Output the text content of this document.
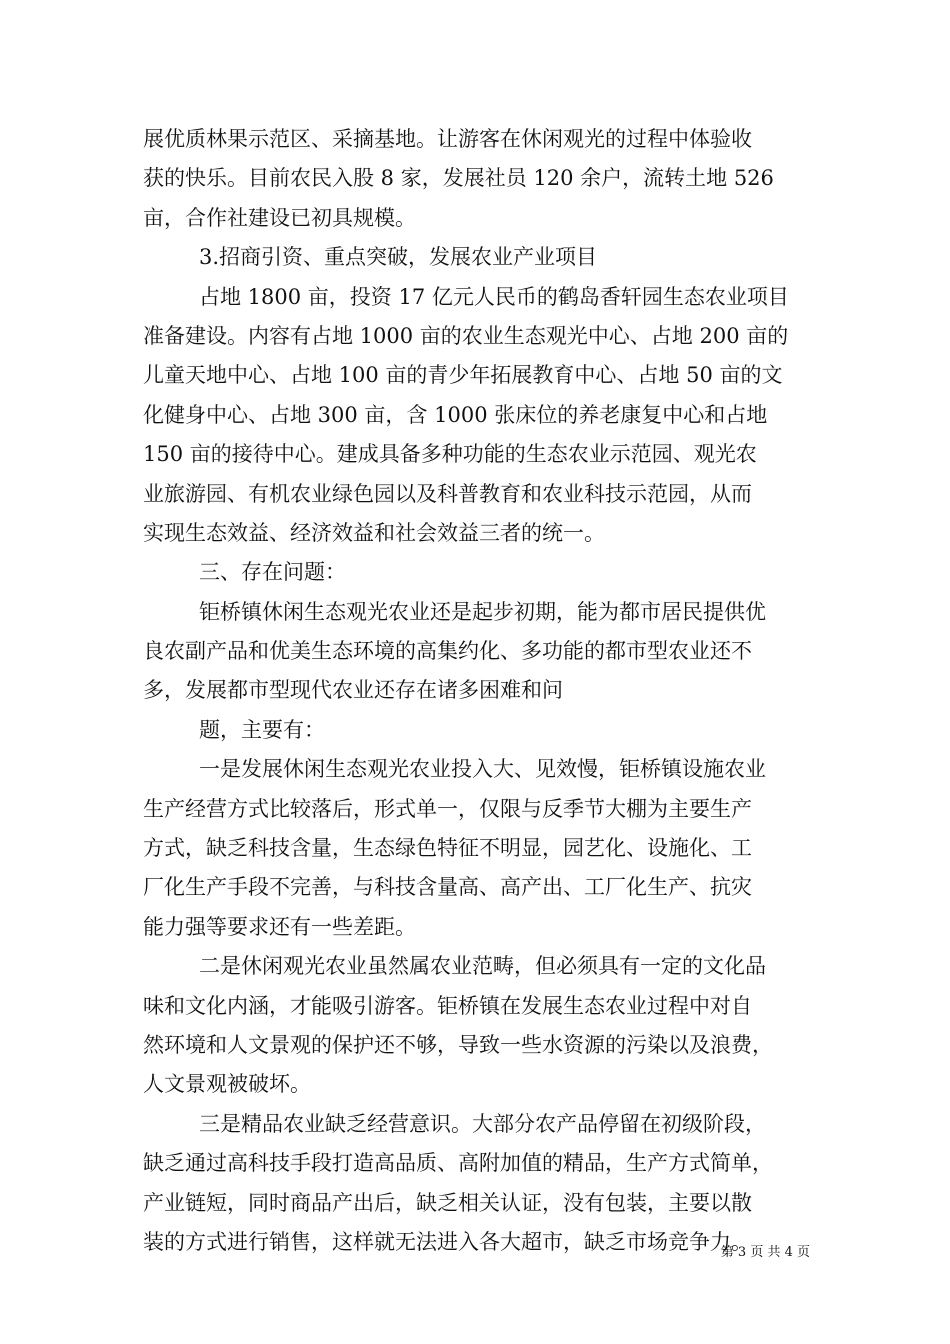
展优质林果示范区、采摘基地。让游客在休闲观光的过程中体验收
获的快乐。目前农民入股 8 家，发展社员 120 余户，流转土地 526
亩，合作社建设已初具规模。
3.招商引资、重点突破，发展农业产业项目
占地 1800 亩，投资 17 亿元人民币的鹤岛香轩园生态农业项目
准备建设。内容有占地 1000 亩的农业生态观光中心、占地 200 亩的
儿童天地中心、占地 100 亩的青少年拓展教育中心、占地 50 亩的文
化健身中心、占地 300 亩，含 1000 张床位的养老康复中心和占地
150 亩的接待中心。建成具备多种功能的生态农业示范园、观光农
业旅游园、有机农业绿色园以及科普教育和农业科技示范园，从而
实现生态效益、经济效益和社会效益三者的统一。
三、存在问题：
钜桥镇休闲生态观光农业还是起步初期，能为都市居民提供优
良农副产品和优美生态环境的高集约化、多功能的都市型农业还不
多，发展都市型现代农业还存在诸多困难和问
题，主要有：
一是发展休闲生态观光农业投入大、见效慢，钜桥镇设施农业
生产经营方式比较落后，形式单一，仅限与反季节大棚为主要生产
方式，缺乏科技含量，生态绿色特征不明显，园艺化、设施化、工
厂化生产手段不完善，与科技含量高、高产出、工厂化生产、抗灾
能力强等要求还有一些差距。
二是休闲观光农业虽然属农业范畴，但必须具有一定的文化品
味和文化内涵，才能吸引游客。钜桥镇在发展生态农业过程中对自
然环境和人文景观的保护还不够，导致一些水资源的污染以及浪费，
人文景观被破坏。
三是精品农业缺乏经营意识。大部分农产品停留在初级阶段，
缺乏通过高科技手段打造高品质、高附加值的精品，生产方式简单，
产业链短，同时商品产出后，缺乏相关认证，没有包装，主要以散
装的方式进行销售，这样就无法进入各大超市，缺乏市场竞争力。
第 3 页 共 4 页
